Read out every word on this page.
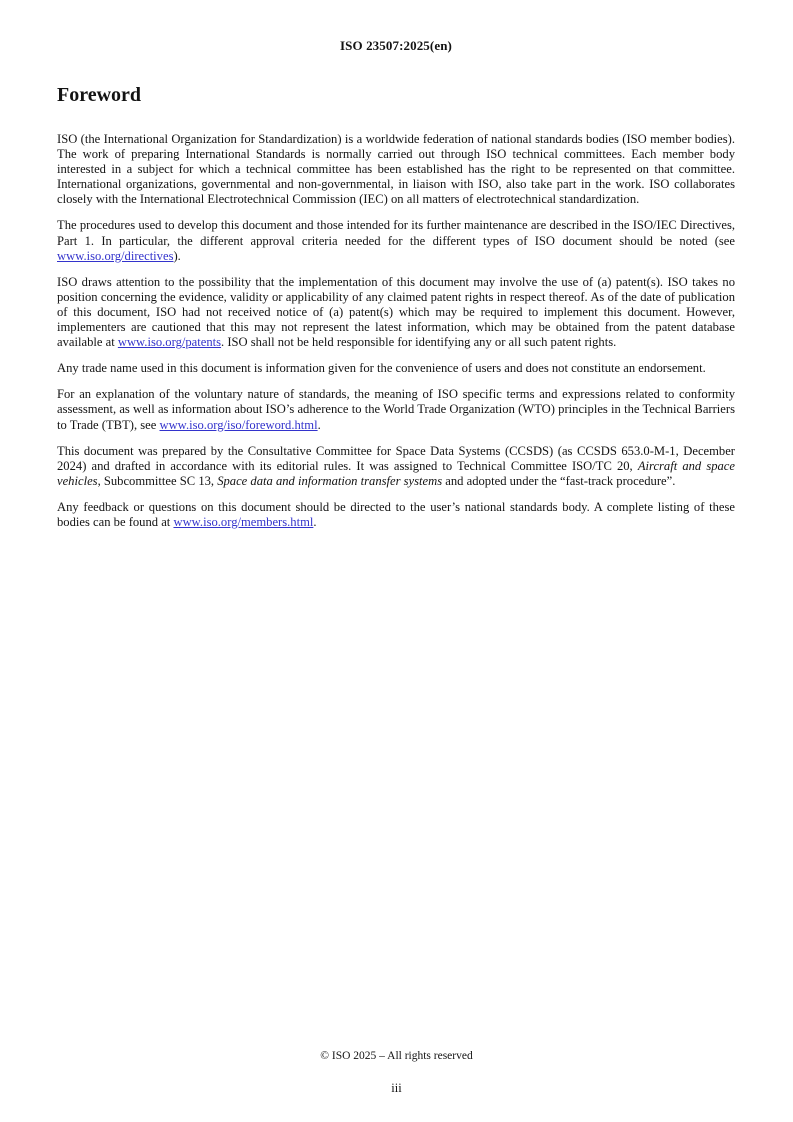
ISO 23507:2025(en)
Foreword

ISO (the International Organization for Standardization) is a worldwide federation of national standards bodies (ISO member bodies). The work of preparing International Standards is normally carried out through ISO technical committees. Each member body interested in a subject for which a technical committee has been established has the right to be represented on that committee. International organizations, governmental and non-governmental, in liaison with ISO, also take part in the work. ISO collaborates closely with the International Electrotechnical Commission (IEC) on all matters of electrotechnical standardization.

The procedures used to develop this document and those intended for its further maintenance are described in the ISO/IEC Directives, Part 1. In particular, the different approval criteria needed for the different types of ISO document should be noted (see www.iso.org/directives).

ISO draws attention to the possibility that the implementation of this document may involve the use of (a) patent(s). ISO takes no position concerning the evidence, validity or applicability of any claimed patent rights in respect thereof. As of the date of publication of this document, ISO had not received notice of (a) patent(s) which may be required to implement this document. However, implementers are cautioned that this may not represent the latest information, which may be obtained from the patent database available at www.iso.org/patents. ISO shall not be held responsible for identifying any or all such patent rights.

Any trade name used in this document is information given for the convenience of users and does not constitute an endorsement.

For an explanation of the voluntary nature of standards, the meaning of ISO specific terms and expressions related to conformity assessment, as well as information about ISO’s adherence to the World Trade Organization (WTO) principles in the Technical Barriers to Trade (TBT), see www.iso.org/iso/foreword.html.

This document was prepared by the Consultative Committee for Space Data Systems (CCSDS) (as CCSDS 653.0-M-1, December 2024) and drafted in accordance with its editorial rules. It was assigned to Technical Committee ISO/TC 20, Aircraft and space vehicles, Subcommittee SC 13, Space data and information transfer systems and adopted under the “fast-track procedure”.

Any feedback or questions on this document should be directed to the user’s national standards body. A complete listing of these bodies can be found at www.iso.org/members.html.

© ISO 2025 – All rights reserved
iii
